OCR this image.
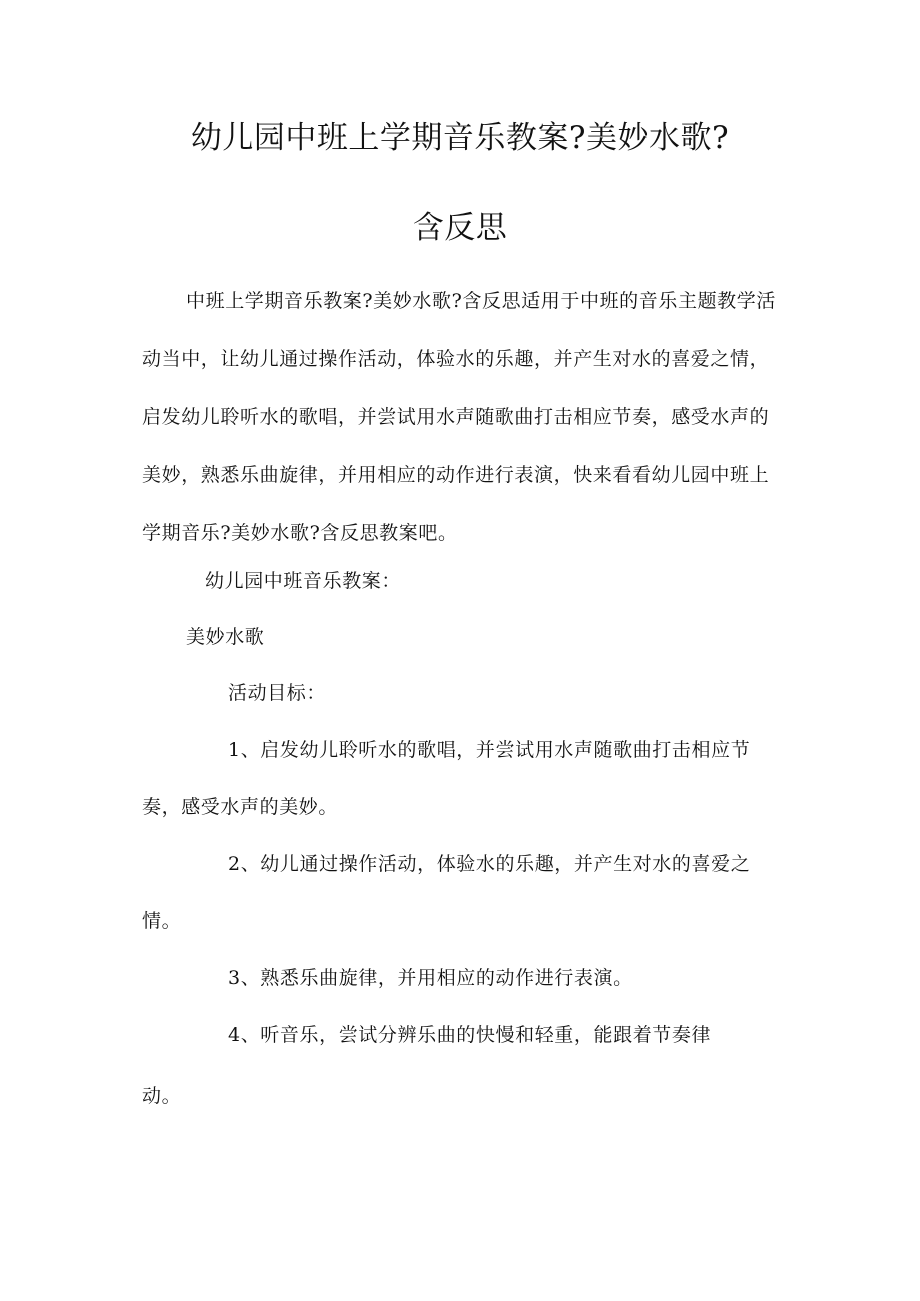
幼儿园中班上学期音乐教案?美妙水歌?
含反思
中班上学期音乐教案?美妙水歌?含反思适用于中班的音乐主题教学活动当中，让幼儿通过操作活动，体验水的乐趣，并产生对水的喜爱之情，启发幼儿聆听水的歌唱，并尝试用水声随歌曲打击相应节奏，感受水声的美妙，熟悉乐曲旋律，并用相应的动作进行表演，快来看看幼儿园中班上学期音乐?美妙水歌?含反思教案吧。
幼儿园中班音乐教案：
美妙水歌
活动目标：
1、启发幼儿聆听水的歌唱，并尝试用水声随歌曲打击相应节
奏，感受水声的美妙。
2、幼儿通过操作活动，体验水的乐趣，并产生对水的喜爱之
情。
3、熟悉乐曲旋律，并用相应的动作进行表演。
4、听音乐，尝试分辨乐曲的快慢和轻重，能跟着节奏律
动。
